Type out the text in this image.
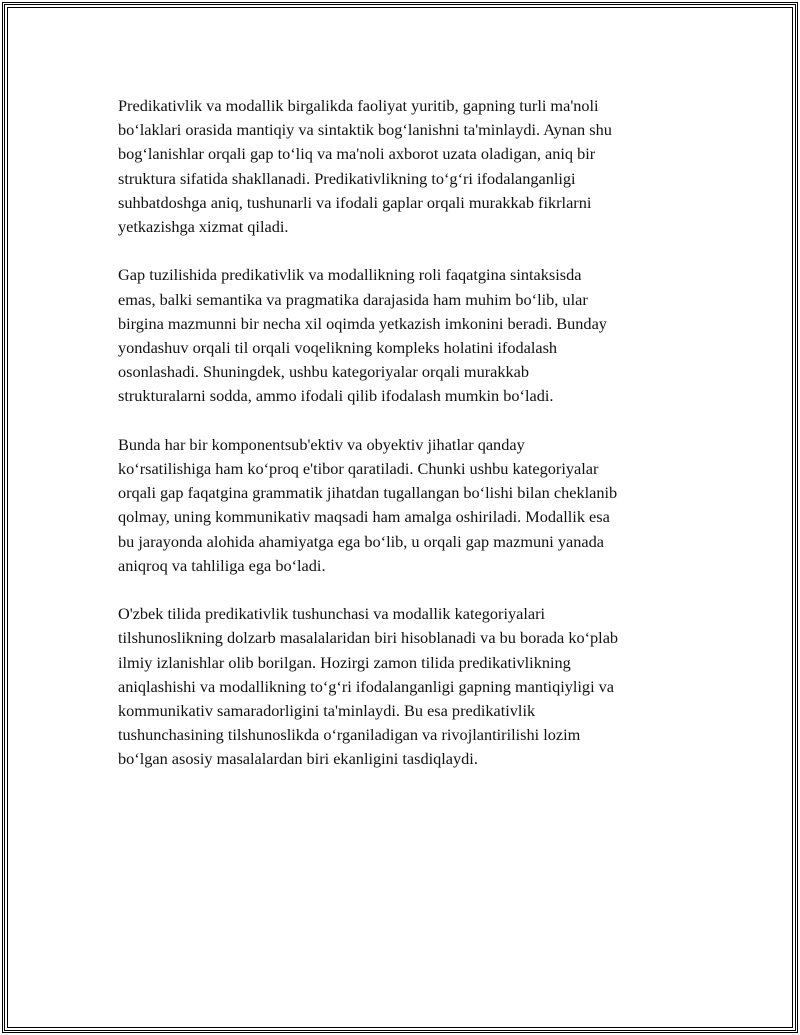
Predikativlik va modallik birgalikda faoliyat yuritib, gapning turli ma'noli
bo‘laklari orasida mantiqiy va sintaktik bog‘lanishni ta'minlaydi. Aynan shu
bog‘lanishlar orqali gap to‘liq va ma'noli axborot uzata oladigan, aniq bir
struktura sifatida shakllanadi. Predikativlikning to‘g‘ri ifodalanganligi
suhbatdoshga aniq, tushunarli va ifodali gaplar orqali murakkab fikrlarni
yetkazishga xizmat qiladi.

Gap tuzilishida predikativlik va modallikning roli faqatgina sintaksisda
emas, balki semantika va pragmatika darajasida ham muhim bo‘lib, ular
birgina mazmunni bir necha xil oqimda yetkazish imkonini beradi. Bunday
yondashuv orqali til orqali voqelikning kompleks holatini ifodalash
osonlashadi. Shuningdek, ushbu kategoriyalar orqali murakkab
strukturalarni sodda, ammo ifodali qilib ifodalash mumkin bo‘ladi.

Bunda har bir komponentsub'ektiv va obyektiv jihatlar qanday
ko‘rsatilishiga ham ko‘proq e'tibor qaratiladi. Chunki ushbu kategoriyalar
orqali gap faqatgina grammatik jihatdan tugallangan bo‘lishi bilan cheklanib
qolmay, uning kommunikativ maqsadi ham amalga oshiriladi. Modallik esa
bu jarayonda alohida ahamiyatga ega bo‘lib, u orqali gap mazmuni yanada
aniqroq va tahliliga ega bo‘ladi.

O'zbek tilida predikativlik tushunchasi va modallik kategoriyalari
tilshunoslikning dolzarb masalalaridan biri hisoblanadi va bu borada ko‘plab
ilmiy izlanishlar olib borilgan. Hozirgi zamon tilida predikativlikning
aniqlashishi va modallikning to‘g‘ri ifodalanganligi gapning mantiqiyligi va
kommunikativ samaradorligini ta'minlaydi. Bu esa predikativlik
tushunchasining tilshunoslikda o‘rganiladigan va rivojlantirilishi lozim
bo‘lgan asosiy masalalardan biri ekanligini tasdiqlaydi.
